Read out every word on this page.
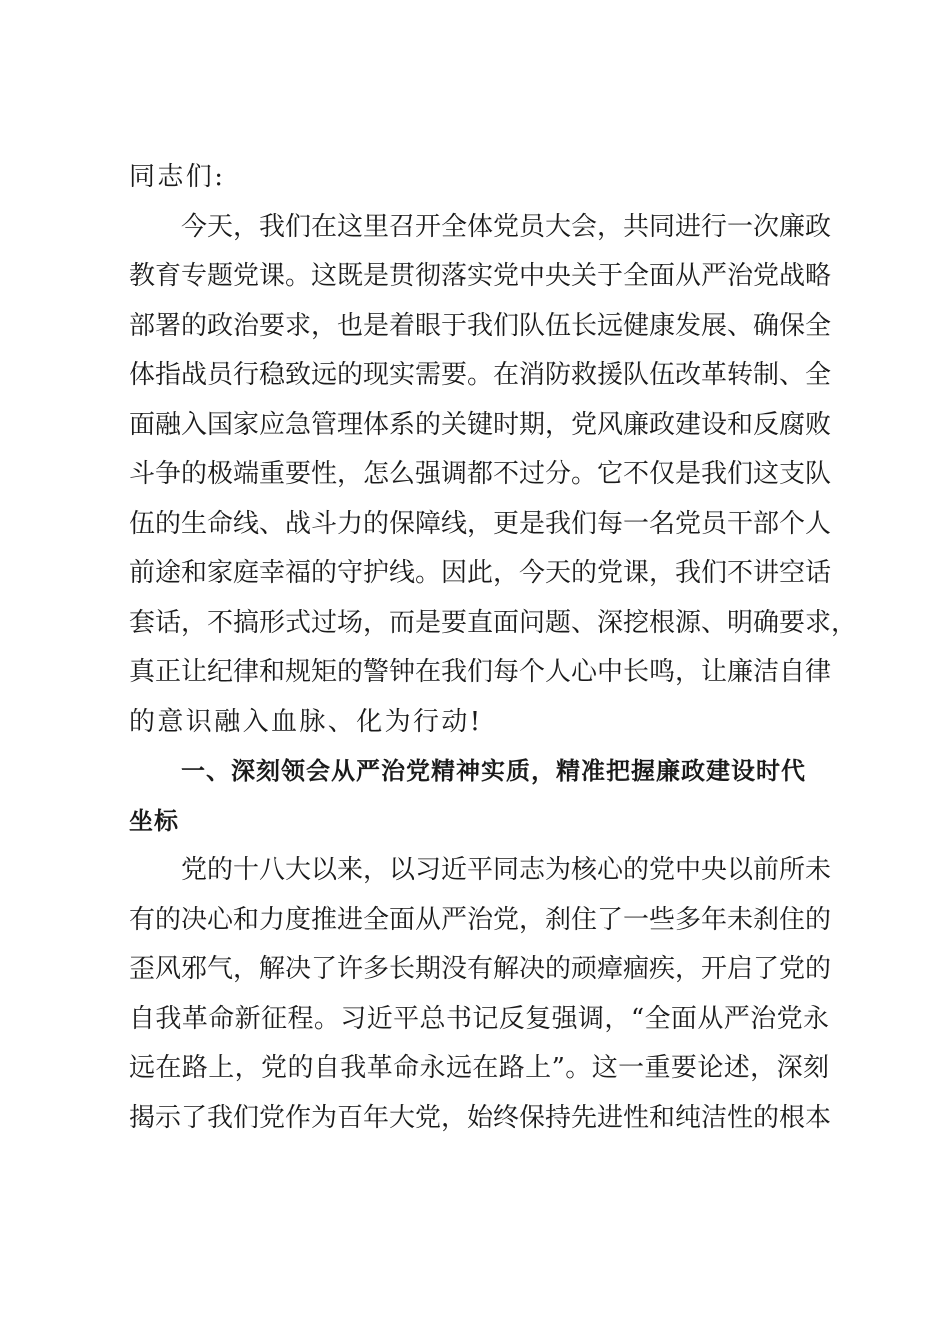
同志们:
今天，我们在这里召开全体党员大会，共同进行一次廉政
教育专题党课。这既是贯彻落实党中央关于全面从严治党战略
部署的政治要求，也是着眼于我们队伍长远健康发展、确保全
体指战员行稳致远的现实需要。在消防救援队伍改革转制、全
面融入国家应急管理体系的关键时期，党风廉政建设和反腐败
斗争的极端重要性，怎么强调都不过分。它不仅是我们这支队
伍的生命线、战斗力的保障线，更是我们每一名党员干部个人
前途和家庭幸福的守护线。因此，今天的党课，我们不讲空话
套话，不搞形式过场，而是要直面问题、深挖根源、明确要求，
真正让纪律和规矩的警钟在我们每个人心中长鸣，让廉洁自律
的意识融入血脉、化为行动!
一、深刻领会从严治党精神实质，精准把握廉政建设时代
坐标
党的十八大以来，以习近平同志为核心的党中央以前所未
有的决心和力度推进全面从严治党，刹住了一些多年未刹住的
歪风邪气，解决了许多长期没有解决的顽瘴痼疾，开启了党的
自我革命新征程。习近平总书记反复强调，“全面从严治党永
远在路上，党的自我革命永远在路上”。这一重要论述，深刻
揭示了我们党作为百年大党，始终保持先进性和纯洁性的根本
